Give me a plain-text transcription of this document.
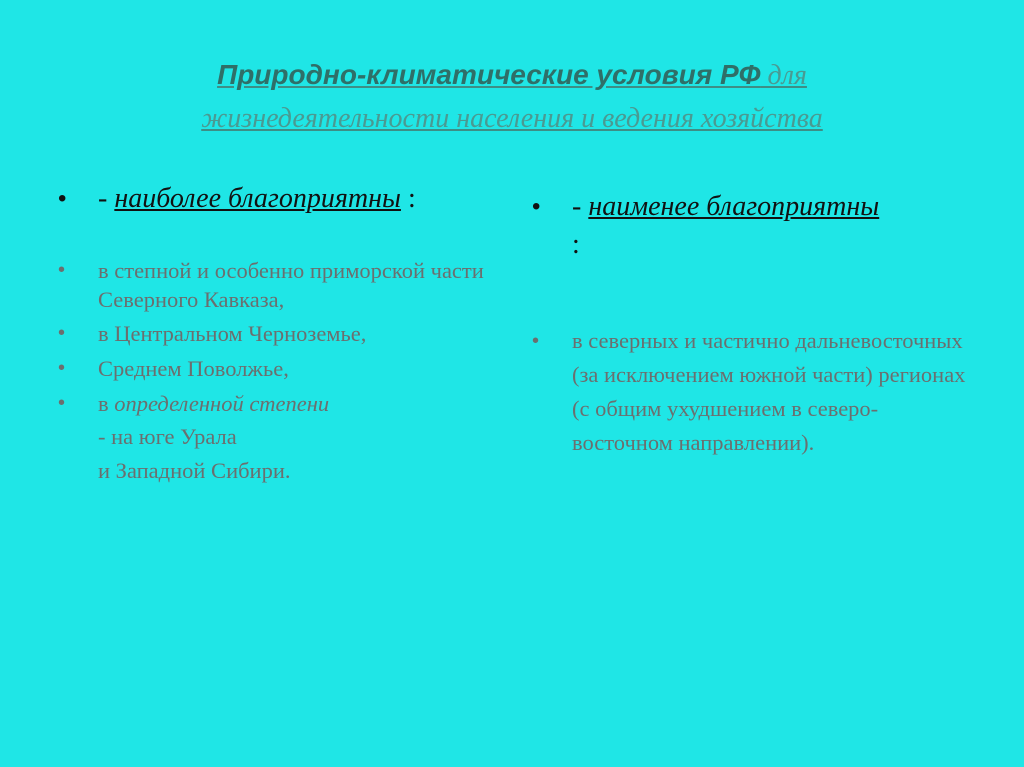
Природно-климатические условия РФ для
жизнедеятельности населения и ведения хозяйства
•	- наиболее благоприятны :
•	в степной и особенно приморской части Северного Кавказа,
•	в Центральном Черноземье,
•	Среднем Поволжье,
•	в определенной степени
- на юге Урала
и Западной Сибири.
•	- наименее благоприятны
:
•	в северных и частично дальневосточных (за исключением южной части) регионах (с общим ухудшением в северо-восточном направлении).
